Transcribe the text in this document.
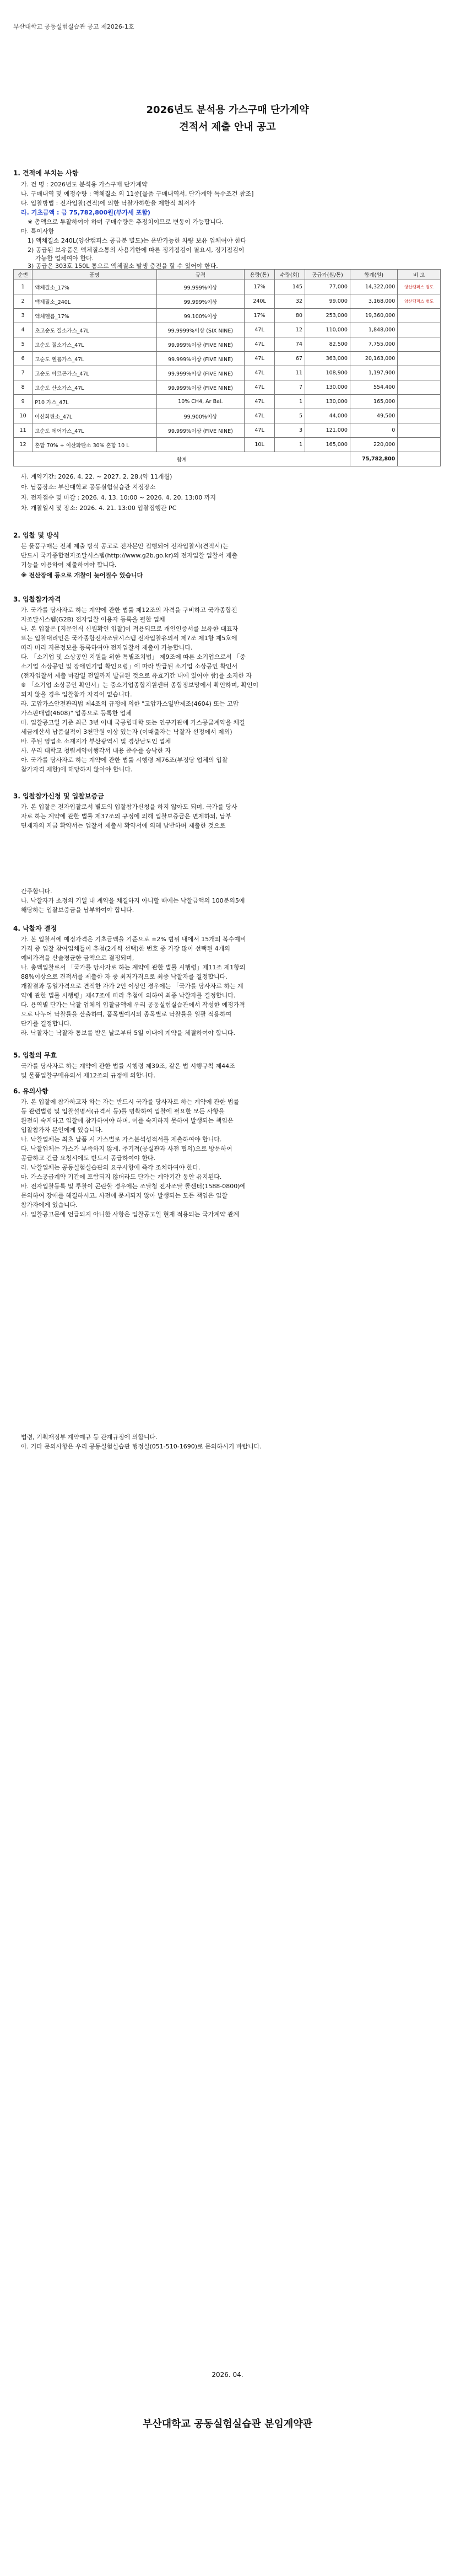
부산대학교 공동실험실습관 공고 제2026-1호
2026년도 분석용 가스구매 단가계약
견적서 제출 안내 공고
1. 견적에 부치는 사항
가. 건 명 : 2026년도 분석용 가스구매 단가계약
나. 구매내역 및 예정수량 : 액체질소 외 11종[물품 구매내역서, 단가계약 특수조건 참조]
다. 입찰방법 : 전자입찰(견적)에 의한 낙찰가하한율 제한적 최저가
라. 기초금액 : 금 75,782,800원(부가세 포함)
※ 총액으로 투찰하여야 하며 구매수량은 추정치이므로 변동이 가능합니다.
마. 특이사항
1) 액체질소 240L(양산캠퍼스 공급분 별도)는 운반가능한 차량 보유 업체여야 한다
2) 공급된 보유품은 액체질소통의 사용기한에 따른 정기점검이 필요시, 정기점검이
가능한 업체여야 한다.
3) 공급은 303호 150L 통으로 액체질소 발생 충전을 할 수 있어야 한다.
순번	품명	규격	용량(통)	수량(회)	공급가(원/통)	합계(원)	비 고
1	액체질소_17%	99.999%이상	17%	145	77,000	14,322,000	양산캠퍼스 별도
2	액체질소_240L	99.999%이상	240L	32	99,000	3,168,000	양산캠퍼스 별도
3	액체헬륨_17%	99.100%이상	17%	80	253,000	19,360,000	
4	초고순도 질소가스_47L	99.9999%이상 (SIX NINE)	47L	12	110,000	1,848,000	
5	고순도 질소가스_47L	99.999%이상 (FIVE NINE)	47L	74	82,500	7,755,000	
6	고순도 헬륨가스_47L	99.999%이상 (FIVE NINE)	47L	67	363,000	20,163,000	
7	고순도 아르곤가스_47L	99.999%이상 (FIVE NINE)	47L	11	108,900	1,197,900	
8	고순도 산소가스_47L	99.999%이상 (FIVE NINE)	47L	7	130,000	554,400	
9	P10 가스_47L	10% CH4, Ar Bal.	47L	1	130,000	165,000	
10	아산화탄소_47L	99.900%이상	47L	5	44,000	49,500	
11	고순도 에어가스_47L	99.999%이상 (FIVE NINE)	47L	3	121,000	0	
12	혼합 70% + 이산화탄소 30% 혼합 10 L		10L	1	165,000	220,000	
합계						75,782,800	
사. 계약기간: 2026. 4. 22. ~ 2027. 2. 28.(약 11개월)
아. 납품장소: 부산대학교 공동실험실습관 지정장소
자. 전자접수 및 마감 : 2026. 4. 13. 10:00 ~ 2026. 4. 20. 13:00 까지
차. 개찰일시 및 장소: 2026. 4. 21. 13:00 입찰집행관 PC
2. 입찰 및 방식
본 물품구매는 전체 제출 방식 공고로 전자본안 집행되어 전자입찰서(견적서)는
반드시 국가종합전자조달시스템(http://www.g2b.go.kr)의 전자입찰 입찰서 제출
기능을 이용하여 제출하여야 합니다.
※ 전산장애 등으로 개찰이 늦어질수 있습니다
3. 입찰참가자격
가. 국가를 당사자로 하는 계약에 관한 법률 제12조의 자격을 구비하고 국가종합전
자조달시스템(G2B) 전자입찰 이용자 등록을 필한 업체
나. 본 입찰은 [지문인식 신원확인 입찰]이 적용되므로 개인인증서를 보유한 대표자
또는 입찰대리인은 국가종합전자조달시스템 전자입찰유의서 제7조 제1항 제5호에
따라 미리 지문정보를 등록하여야 전자입찰서 제출이 가능합니다.
다. 「소기업 및 소상공인 지원을 위한 특별조치법」 제9조에 따른 소기업으로서 「중
소기업 소상공인 및 장애인기업 확인요령」에 따라 발급된 소기업 소상공인 확인서
(전자입찰서 제출 마감일 전일까지 발급된 것으로 유효기간 내에 있어야 함)를 소지한 자
※ 「소기업 소상공인 확인서」는 중소기업종합지원센터 종합정보망에서 확인하며, 확인이
되지 않을 경우 입찰참가 자격이 없습니다.
라. 고압가스안전관리법 제4조의 규정에 의한 "고압가스일반제조(4604) 또는 고압
가스판매업(4608)" 업종으로 등록한 업체
마. 입찰공고일 기준 최근 3년 이내 국공립대학 또는 연구기관에 가스공급계약을 체결
세금계산서 납품실적이 3천만원 이상 있는자 (이때출자는 낙찰자 선정에서 제외)
바. 주된 영업소 소재지가 부산광역시 및 경상남도인 업체
사. 우리 대학교 청렴계약이행각서 내용 준수를 승낙한 자
아. 국가를 당사자로 하는 계약에 관한 법률 시행령 제76조(부정당 업체의 입찰
참가자격 제한)에 해당하지 않아야 합니다.
3. 입찰참가신청 및 입찰보증금
가. 본 입찰은 전자입찰로서 별도의 입찰참가신청을 하지 않아도 되며, 국가를 당사
자로 하는 계약에 관한 법률 제37조의 규정에 의해 입찰보증금은 면제하되, 납부
면제자의 지급 확약서는 입찰서 제출시 확약서에 의해 납반하며 제출한 것으로
간주합니다.
나. 낙찰자가 소정의 기일 내 계약을 체결하지 아니할 때에는 낙찰금액의 100분의5에
해당하는 입찰보증금을 납부하여야 합니다.
4. 낙찰자 결정
가. 본 입찰서에 예정가격은 기초금액을 기준으로 ±2% 범위 내에서 15개의 복수예비
가격 중 입찰 참여업체들이 추첨(2개씩 선택)한 번호 중 가장 많이 선택된 4개의
예비가격을 산술평균한 금액으로 결정되며,
나. 총액입찰로서 「국가를 당사자로 하는 계약에 관한 법률 시행령」제11조 제1항의
88%이상으로 견적서를 제출한 자 중 최저가격으로 최종 낙찰자를 결정합니다.
개찰결과 동일가격으로 견적한 자가 2인 이상인 경우에는 「국가를 당사자로 하는 계
약에 관한 법률 시행령」제47조에 따라 추첨에 의하여 최종 낙찰자를 결정합니다.
다. 용역별 단가는 낙찰 업체의 입찰금액에 우리 공동실험실습관에서 작성한 예정가격
으로 나누어 낙찰률을 산출하며, 품목별예시의 종목별로 낙찰률을 일괄 적용하여
단가를 결정합니다.
라. 낙찰자는 낙찰자 통보를 받은 날로부터 5일 이내에 계약을 체결하여야 합니다.
5. 입찰의 무효
국가를 당사자로 하는 계약에 관한 법률 시행령 제39조, 같은 법 시행규칙 제44조
및 물품입찰구매유의서 제12조의 규정에 의합니다.
6. 유의사항
가. 본 입찰에 참가하고자 하는 자는 반드시 국가를 당사자로 하는 계약에 관한 법률
등 관련법령 및 입찰설명서(규격서 등)를 명확하여 입찰에 필요한 모든 사항을
완전히 숙지하고 입찰에 참가하여야 하며, 이를 숙지하지 못하여 발생되는 책임은
입찰참가자 본인에게 있습니다.
나. 낙찰업체는 최초 납품 시 가스별로 가스분석성적서를 제출하여야 합니다.
다. 낙찰업체는 가스가 부족하지 않게, 주기적(공실관과 사전 협의)으로 방문하여
공급하고 긴급 요청시에도 반드시 공급하여야 한다.
라. 낙찰업체는 공동실험실습관의 요구사항에 즉각 조치하여야 한다.
마. 가스공급계약 기간에 포함되지 않더라도 단가는 계약기간 동안 유지된다.
바. 전자입찰등록 및 투찰이 곤란할 경우에는 조달청 전자조달 콜센터(1588-0800)에
문의하여 장애를 해결하시고, 사전에 문제되지 않아 발생되는 모든 책임은 입찰
참가자에게 있습니다.
사. 입찰공고문에 언급되지 아니한 사항은 입찰공고일 현재 적용되는 국가계약 관계
법령, 기획재정부 계약예규 등 관계규정에 의합니다.
아. 기타 문의사항은 우리 공동실험실습관 행정실(051-510-1690)로 문의하시기 바랍니다.
2026. 04.
부산대학교 공동실험실습관 분임계약관
